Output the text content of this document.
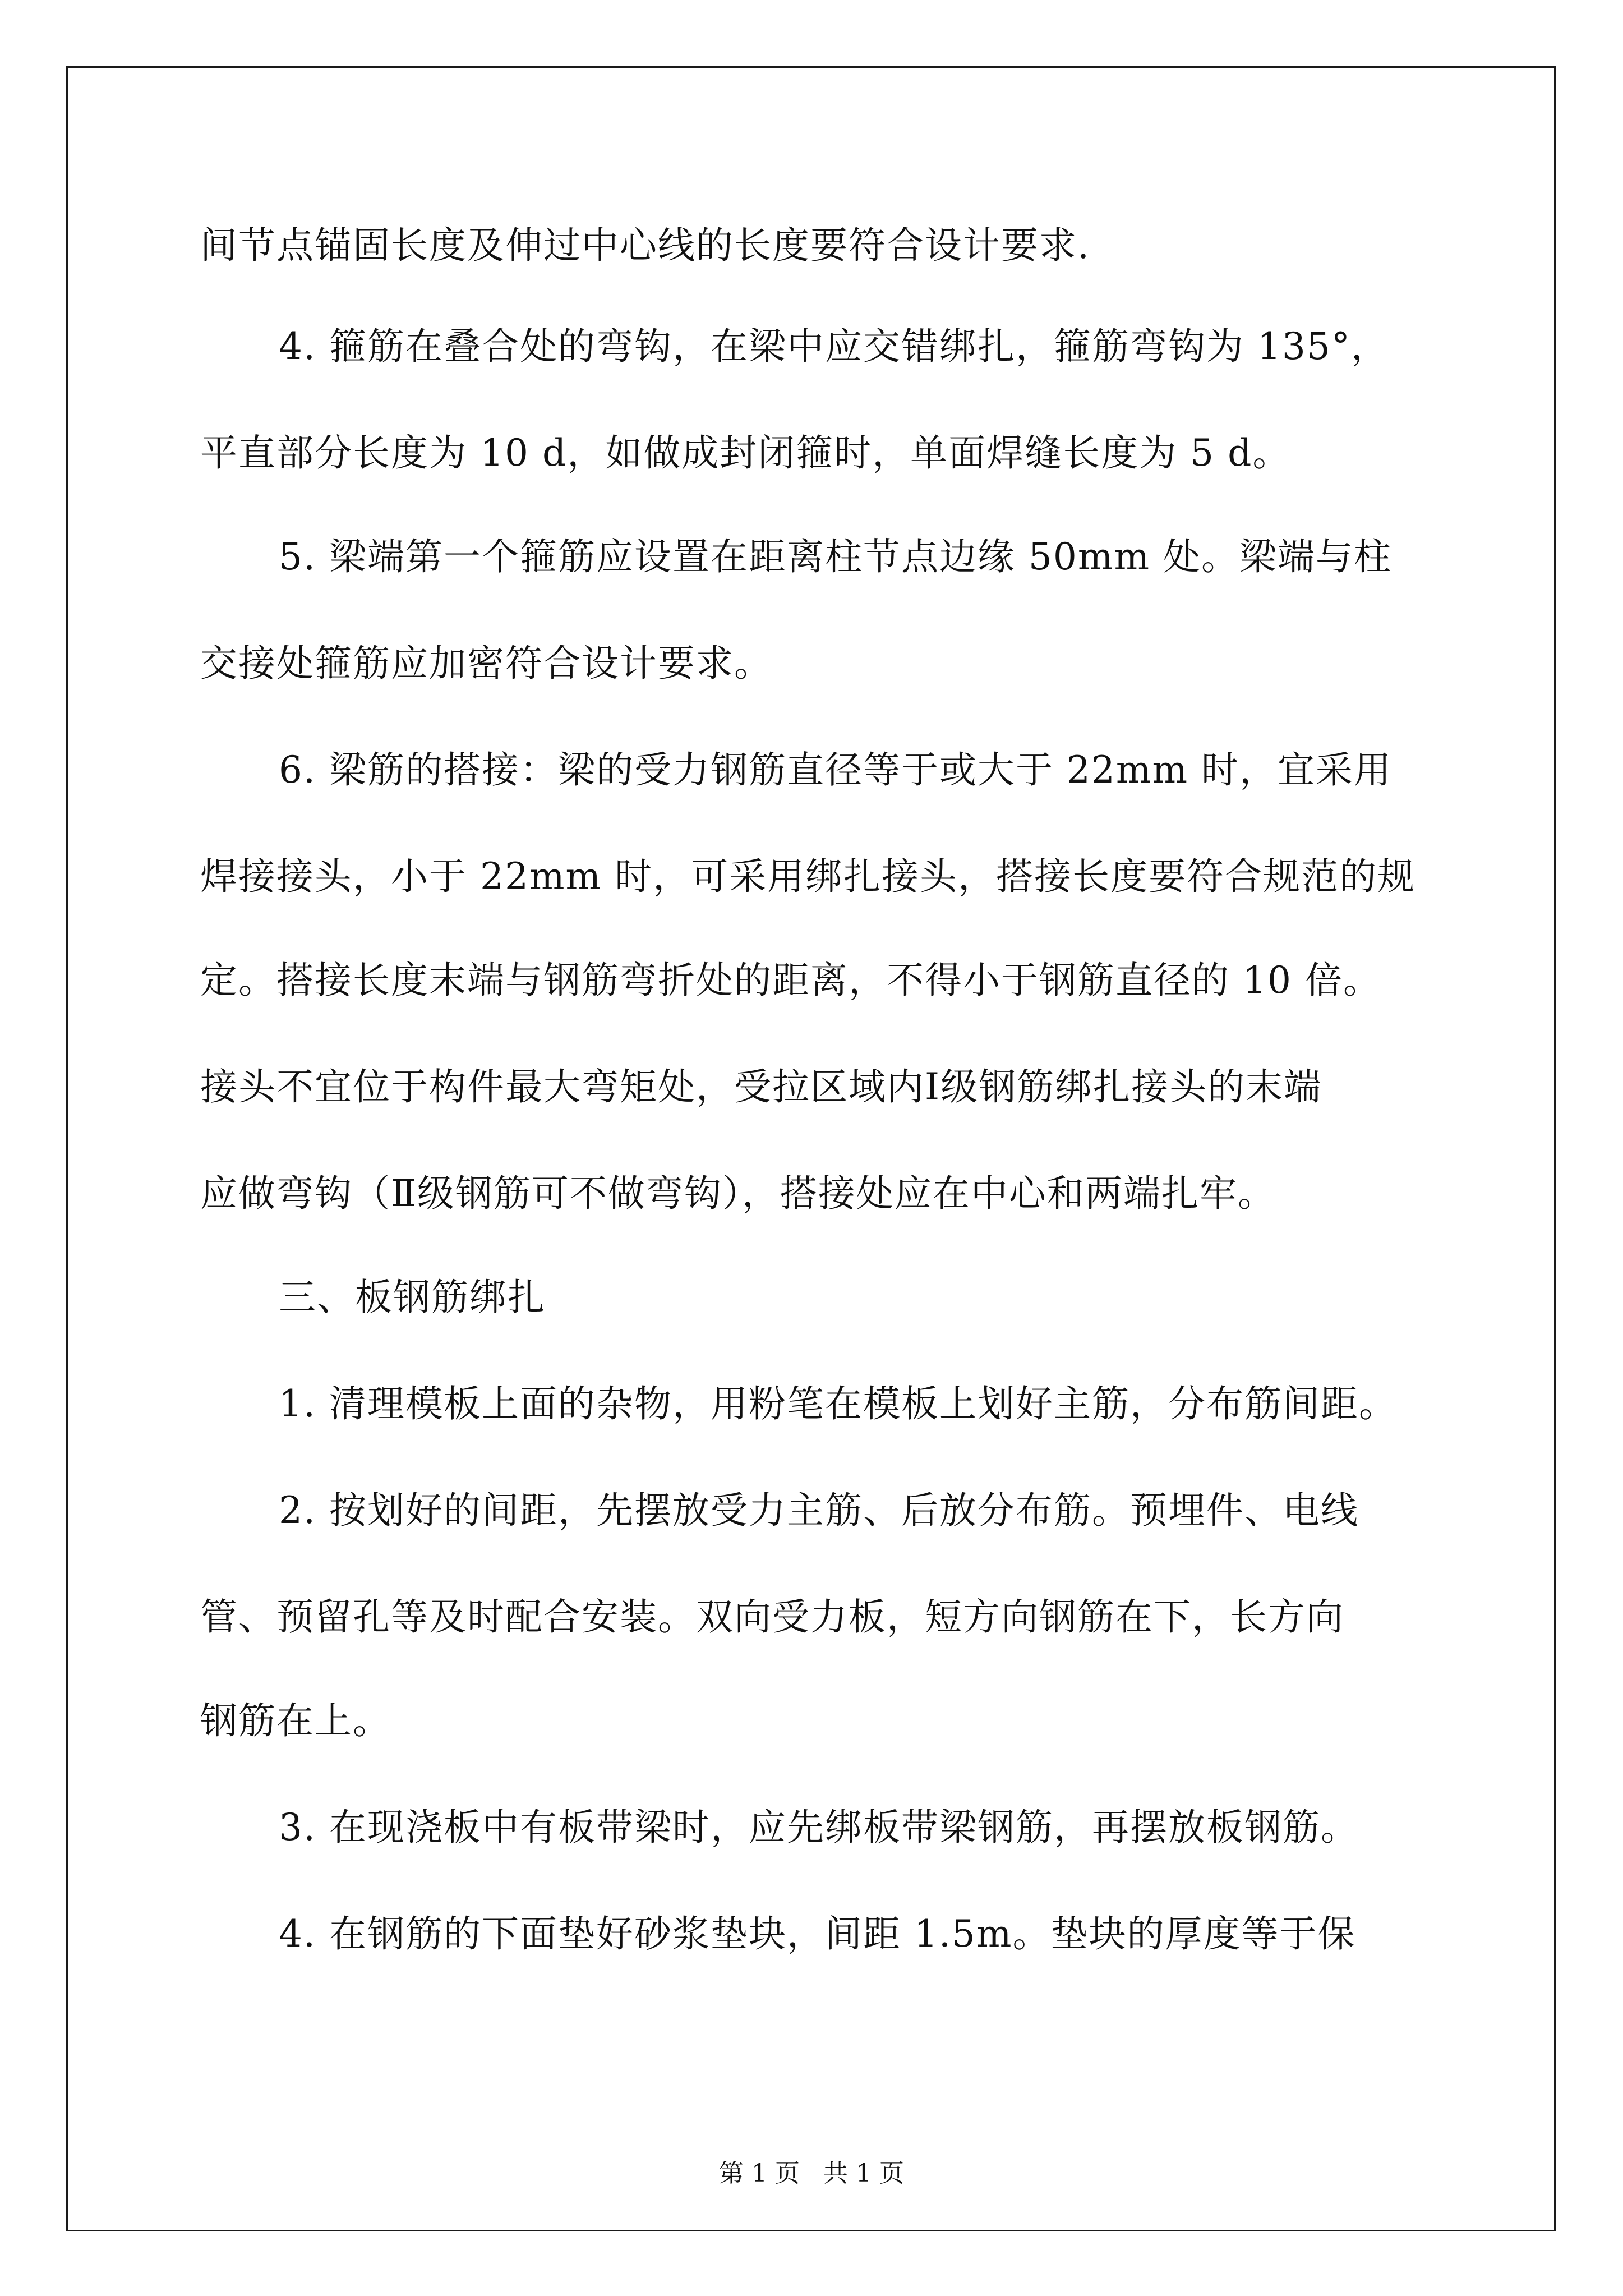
间节点锚固长度及伸过中心线的长度要符合设计要求.
4. 箍筋在叠合处的弯钩，在梁中应交错绑扎，箍筋弯钩为 135°，
平直部分长度为 10 d，如做成封闭箍时，单面焊缝长度为 5 d。
5. 梁端第一个箍筋应设置在距离柱节点边缘 50mm 处。梁端与柱
交接处箍筋应加密符合设计要求。
6. 梁筋的搭接：梁的受力钢筋直径等于或大于 22mm 时，宜采用
焊接接头，小于 22mm 时，可采用绑扎接头，搭接长度要符合规范的规
定。搭接长度末端与钢筋弯折处的距离，不得小于钢筋直径的 10 倍。
接头不宜位于构件最大弯矩处，受拉区域内Ⅰ级钢筋绑扎接头的末端
应做弯钩（Ⅱ级钢筋可不做弯钩），搭接处应在中心和两端扎牢。
三、板钢筋绑扎
1. 清理模板上面的杂物，用粉笔在模板上划好主筋，分布筋间距。
2. 按划好的间距，先摆放受力主筋、后放分布筋。预埋件、电线
管、预留孔等及时配合安装。双向受力板，短方向钢筋在下，长方向
钢筋在上。
3. 在现浇板中有板带梁时，应先绑板带梁钢筋，再摆放板钢筋。
4. 在钢筋的下面垫好砂浆垫块，间距 1.5m。垫块的厚度等于保
第 1 页   共 1 页
